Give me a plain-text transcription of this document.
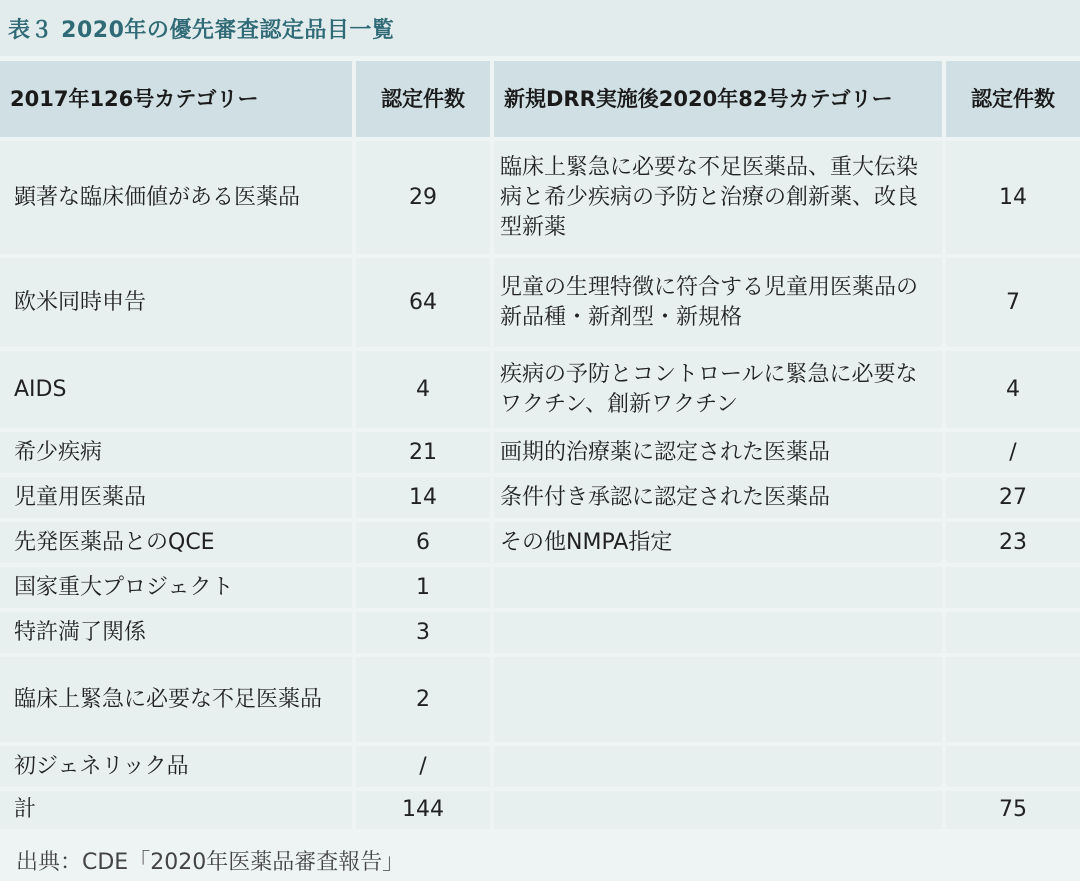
表３ 2020年の優先審査認定品目一覧
2017年126号カテゴリー	認定件数	新規DRR実施後2020年82号カテゴリー	認定件数
顕著な臨床価値がある医薬品	29	臨床上緊急に必要な不足医薬品、重大伝染病と希少疾病の予防と治療の創新薬、改良型新薬	14
欧米同時申告	64	児童の生理特徴に符合する児童用医薬品の新品種・新剤型・新規格	7
AIDS	4	疾病の予防とコントロールに緊急に必要なワクチン、創新ワクチン	4
希少疾病	21	画期的治療薬に認定された医薬品	/
児童用医薬品	14	条件付き承認に認定された医薬品	27
先発医薬品とのQCE	6	その他NMPA指定	23
国家重大プロジェクト	1		
特許満了関係	3		
臨床上緊急に必要な不足医薬品	2		
初ジェネリック品	/		
計	144		75
出典：CDE「2020年医薬品審査報告」
